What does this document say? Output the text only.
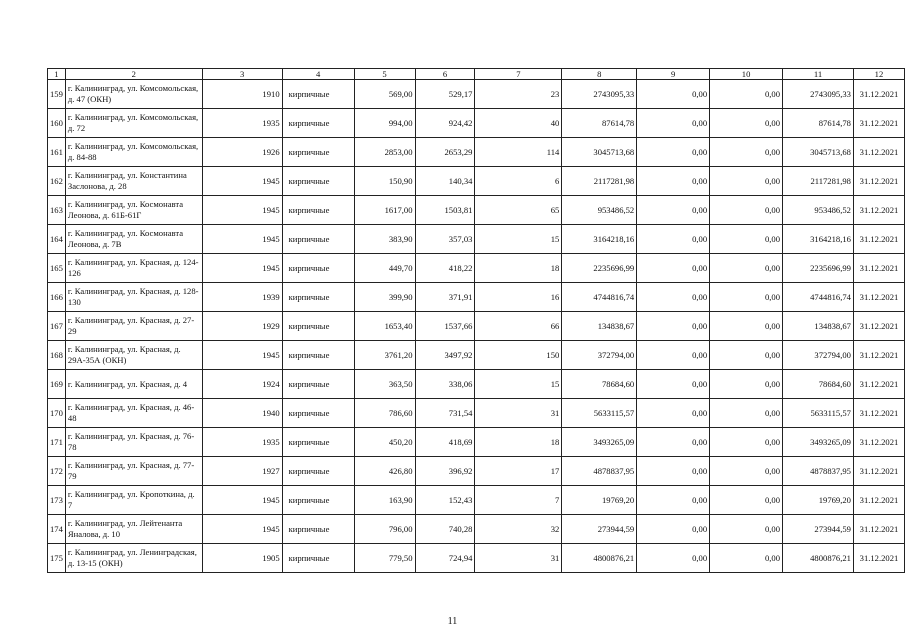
1	2	3	4	5	6	7	8	9	10	11	12
159	г. Калининград, ул. Комсомольская, д. 47 (ОКН)	1910	кирпичные	569,00	529,17	23	2743095,33	0,00	0,00	2743095,33	31.12.2021
160	г. Калининград, ул. Комсомольская, д. 72	1935	кирпичные	994,00	924,42	40	87614,78	0,00	0,00	87614,78	31.12.2021
161	г. Калининград, ул. Комсомольская, д. 84-88	1926	кирпичные	2853,00	2653,29	114	3045713,68	0,00	0,00	3045713,68	31.12.2021
162	г. Калининград, ул. Константина Заслонова, д. 28	1945	кирпичные	150,90	140,34	6	2117281,98	0,00	0,00	2117281,98	31.12.2021
163	г. Калининград, ул. Космонавта Леонова, д. 61Б-61Г	1945	кирпичные	1617,00	1503,81	65	953486,52	0,00	0,00	953486,52	31.12.2021
164	г. Калининград, ул. Космонавта Леонова, д. 7В	1945	кирпичные	383,90	357,03	15	3164218,16	0,00	0,00	3164218,16	31.12.2021
165	г. Калининград, ул. Красная, д. 124-126	1945	кирпичные	449,70	418,22	18	2235696,99	0,00	0,00	2235696,99	31.12.2021
166	г. Калининград, ул. Красная, д. 128-130	1939	кирпичные	399,90	371,91	16	4744816,74	0,00	0,00	4744816,74	31.12.2021
167	г. Калининград, ул. Красная, д. 27-29	1929	кирпичные	1653,40	1537,66	66	134838,67	0,00	0,00	134838,67	31.12.2021
168	г. Калининград, ул. Красная, д. 29А-35А (ОКН)	1945	кирпичные	3761,20	3497,92	150	372794,00	0,00	0,00	372794,00	31.12.2021
169	г. Калининград, ул. Красная, д. 4	1924	кирпичные	363,50	338,06	15	78684,60	0,00	0,00	78684,60	31.12.2021
170	г. Калининград, ул. Красная, д. 46-48	1940	кирпичные	786,60	731,54	31	5633115,57	0,00	0,00	5633115,57	31.12.2021
171	г. Калининград, ул. Красная, д. 76-78	1935	кирпичные	450,20	418,69	18	3493265,09	0,00	0,00	3493265,09	31.12.2021
172	г. Калининград, ул. Красная, д. 77-79	1927	кирпичные	426,80	396,92	17	4878837,95	0,00	0,00	4878837,95	31.12.2021
173	г. Калининград, ул. Кропоткина, д. 7	1945	кирпичные	163,90	152,43	7	19769,20	0,00	0,00	19769,20	31.12.2021
174	г. Калининград, ул. Лейтенанта Яналова, д. 10	1945	кирпичные	796,00	740,28	32	273944,59	0,00	0,00	273944,59	31.12.2021
175	г. Калининград, ул. Ленинградская, д. 13-15 (ОКН)	1905	кирпичные	779,50	724,94	31	4800876,21	0,00	0,00	4800876,21	31.12.2021
11
